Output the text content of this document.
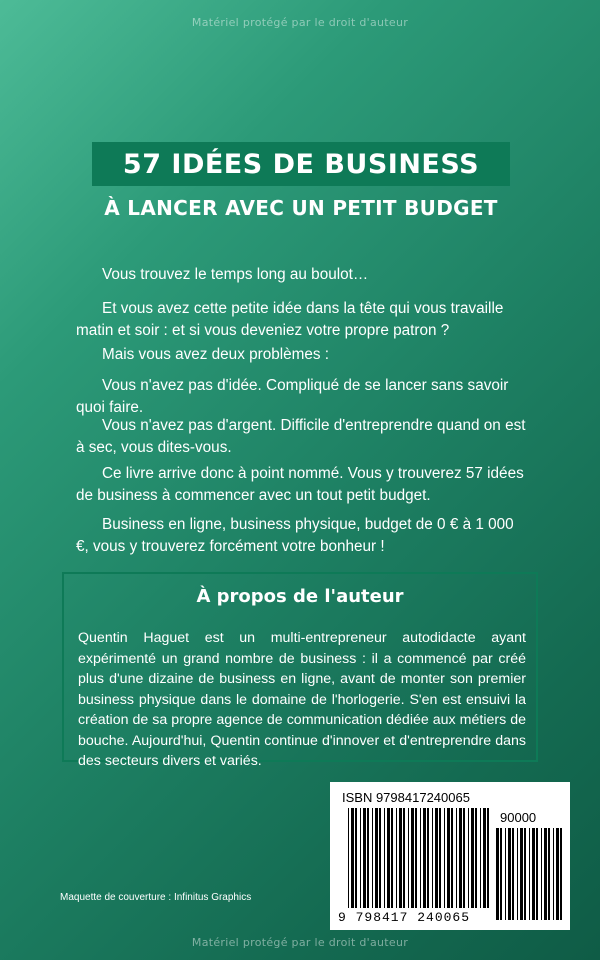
Matériel protégé par le droit d'auteur
57 IDÉES DE BUSINESS
À LANCER AVEC UN PETIT BUDGET

Vous trouvez le temps long au boulot…

Et vous avez cette petite idée dans la tête qui vous travaille matin et soir : et si vous deveniez votre propre patron ?

Mais vous avez deux problèmes :

Vous n'avez pas d'idée. Compliqué de se lancer sans savoir quoi faire.

Vous n'avez pas d'argent. Difficile d'entreprendre quand on est à sec, vous dites-vous.

Ce livre arrive donc à point nommé. Vous y trouverez 57 idées de business à commencer avec un tout petit budget.

Business en ligne, business physique, budget de 0 € à 1 000 €, vous y trouverez forcément votre bonheur !

À propos de l'auteur
Quentin Haguet est un multi-entrepreneur autodidacte ayant expérimenté un grand nombre de business : il a commencé par créé plus d'une dizaine de business en ligne, avant de monter son premier business physique dans le domaine de l'horlogerie. S'en est ensuivi la création de sa propre agence de communication dédiée aux métiers de bouche. Aujourd'hui, Quentin continue d'innover et d'entreprendre dans des secteurs divers et variés.
ISBN 9798417240065
90000
9 798417 240065
Maquette de couverture : Infinitus Graphics
Matériel protégé par le droit d'auteur
